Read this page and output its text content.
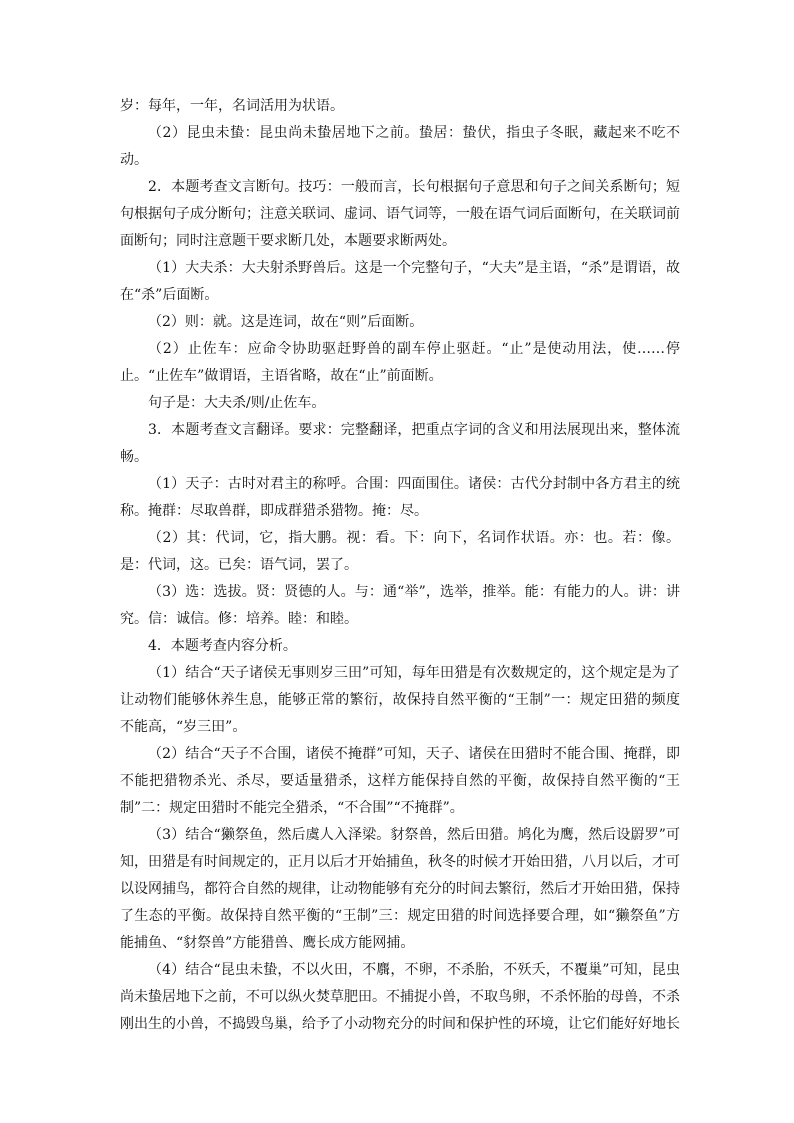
岁：每年，一年，名词活用为状语。

（2）昆虫未蛰：昆虫尚未蛰居地下之前。蛰居：蛰伏，指虫子冬眠，藏起来不吃不动。

2．本题考查文言断句。技巧：一般而言，长句根据句子意思和句子之间关系断句；短句根据句子成分断句；注意关联词、虚词、语气词等，一般在语气词后面断句，在关联词前面断句；同时注意题干要求断几处，本题要求断两处。

（1）大夫杀：大夫射杀野兽后。这是一个完整句子，“大夫”是主语，“杀”是谓语，故在“杀”后面断。

（2）则：就。这是连词，故在“则”后面断。

（2）止佐车：应命令协助驱赶野兽的副车停止驱赶。“止”是使动用法，使……停止。“止佐车”做谓语，主语省略，故在“止”前面断。

句子是：大夫杀/则/止佐车。

3．本题考查文言翻译。要求：完整翻译，把重点字词的含义和用法展现出来，整体流畅。

（1）天子：古时对君主的称呼。合围：四面围住。诸侯：古代分封制中各方君主的统称。掩群：尽取兽群，即成群猎杀猎物。掩：尽。

（2）其：代词，它，指大鹏。视：看。下：向下，名词作状语。亦：也。若：像。是：代词，这。已矣：语气词，罢了。

（3）选：选拔。贤：贤德的人。与：通“举”，选举，推举。能：有能力的人。讲：讲究。信：诚信。修：培养。睦：和睦。

4．本题考查内容分析。

（1）结合“天子诸侯无事则岁三田”可知，每年田猎是有次数规定的，这个规定是为了让动物们能够休养生息，能够正常的繁衍，故保持自然平衡的“王制”一：规定田猎的频度不能高，“岁三田”。

（2）结合“天子不合围，诸侯不掩群”可知，天子、诸侯在田猎时不能合围、掩群，即不能把猎物杀光、杀尽，要适量猎杀，这样方能保持自然的平衡，故保持自然平衡的“王制”二：规定田猎时不能完全猎杀，“不合围”“不掩群”。

（3）结合“獭祭鱼，然后虞人入泽梁。豺祭兽，然后田猎。鸠化为鹰，然后设罻罗”可知，田猎是有时间规定的，正月以后才开始捕鱼，秋冬的时候才开始田猎，八月以后，才可以设网捕鸟，都符合自然的规律，让动物能够有充分的时间去繁衍，然后才开始田猎，保持了生态的平衡。故保持自然平衡的“王制”三：规定田猎的时间选择要合理，如“獭祭鱼”方能捕鱼、“豺祭兽”方能猎兽、鹰长成方能网捕。

（4）结合“昆虫未蛰，不以火田，不麛，不卵，不杀胎，不殀夭，不覆巢”可知，昆虫尚未蛰居地下之前，不可以纵火焚草肥田。不捕捉小兽，不取鸟卵，不杀怀胎的母兽，不杀刚出生的小兽，不捣毁鸟巢，给予了小动物充分的时间和保护性的环境，让它们能好好地长
